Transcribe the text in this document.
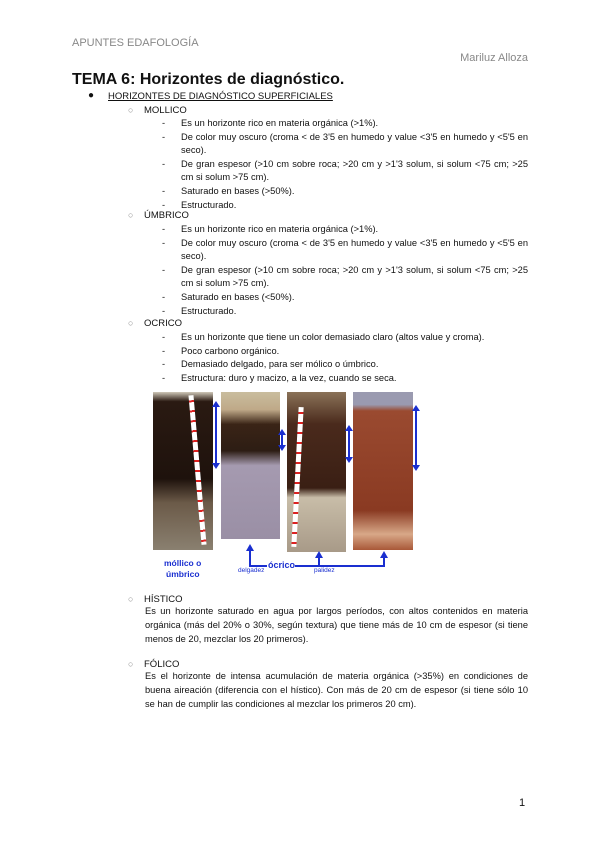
APUNTES EDAFOLOGÍA
Mariluz Alloza
TEMA 6: Horizontes de diagnóstico.
● HORIZONTES DE DIAGNÓSTICO SUPERFICIALES
○ MOLLICO
- Es un horizonte rico en materia orgánica (>1%).
- De color muy oscuro (croma < de 3'5 en humedo y value <3'5 en humedo y <5'5 en seco).
- De gran espesor (>10 cm sobre roca; >20 cm y >1'3 solum, si solum <75 cm; >25 cm si solum >75 cm).
- Saturado en bases (>50%).
- Estructurado.
○ ÚMBRICO
- Es un horizonte rico en materia orgánica (>1%).
- De color muy oscuro (croma < de 3'5 en humedo y value <3'5 en humedo y <5'5 en seco).
- De gran espesor (>10 cm sobre roca; >20 cm y >1'3 solum, si solum <75 cm; >25 cm si solum >75 cm).
- Saturado en bases (<50%).
- Estructurado.
○ OCRICO
- Es un horizonte que tiene un color demasiado claro (altos value y croma).
- Poco carbono orgánico.
- Demasiado delgado, para ser mólico o úmbrico.
- Estructura: duro y macizo, a la vez, cuando se seca.
móllico o
úmbrico
ócrico
delgadez	palidez
○ HÍSTICO
Es un horizonte saturado en agua por largos períodos, con altos contenidos en materia orgánica (más del 20% o 30%, según textura) que tiene más de 10 cm de espesor (si tiene menos de 20, mezclar los 20 primeros).
○ FÓLICO
Es el horizonte de intensa acumulación de materia orgánica (>35%) en condiciones de buena aireación (diferencia con el hístico). Con más de 20 cm de espesor (si tiene sólo 10 se han de cumplir las condiciones al mezclar los primeros 20 cm).
1
